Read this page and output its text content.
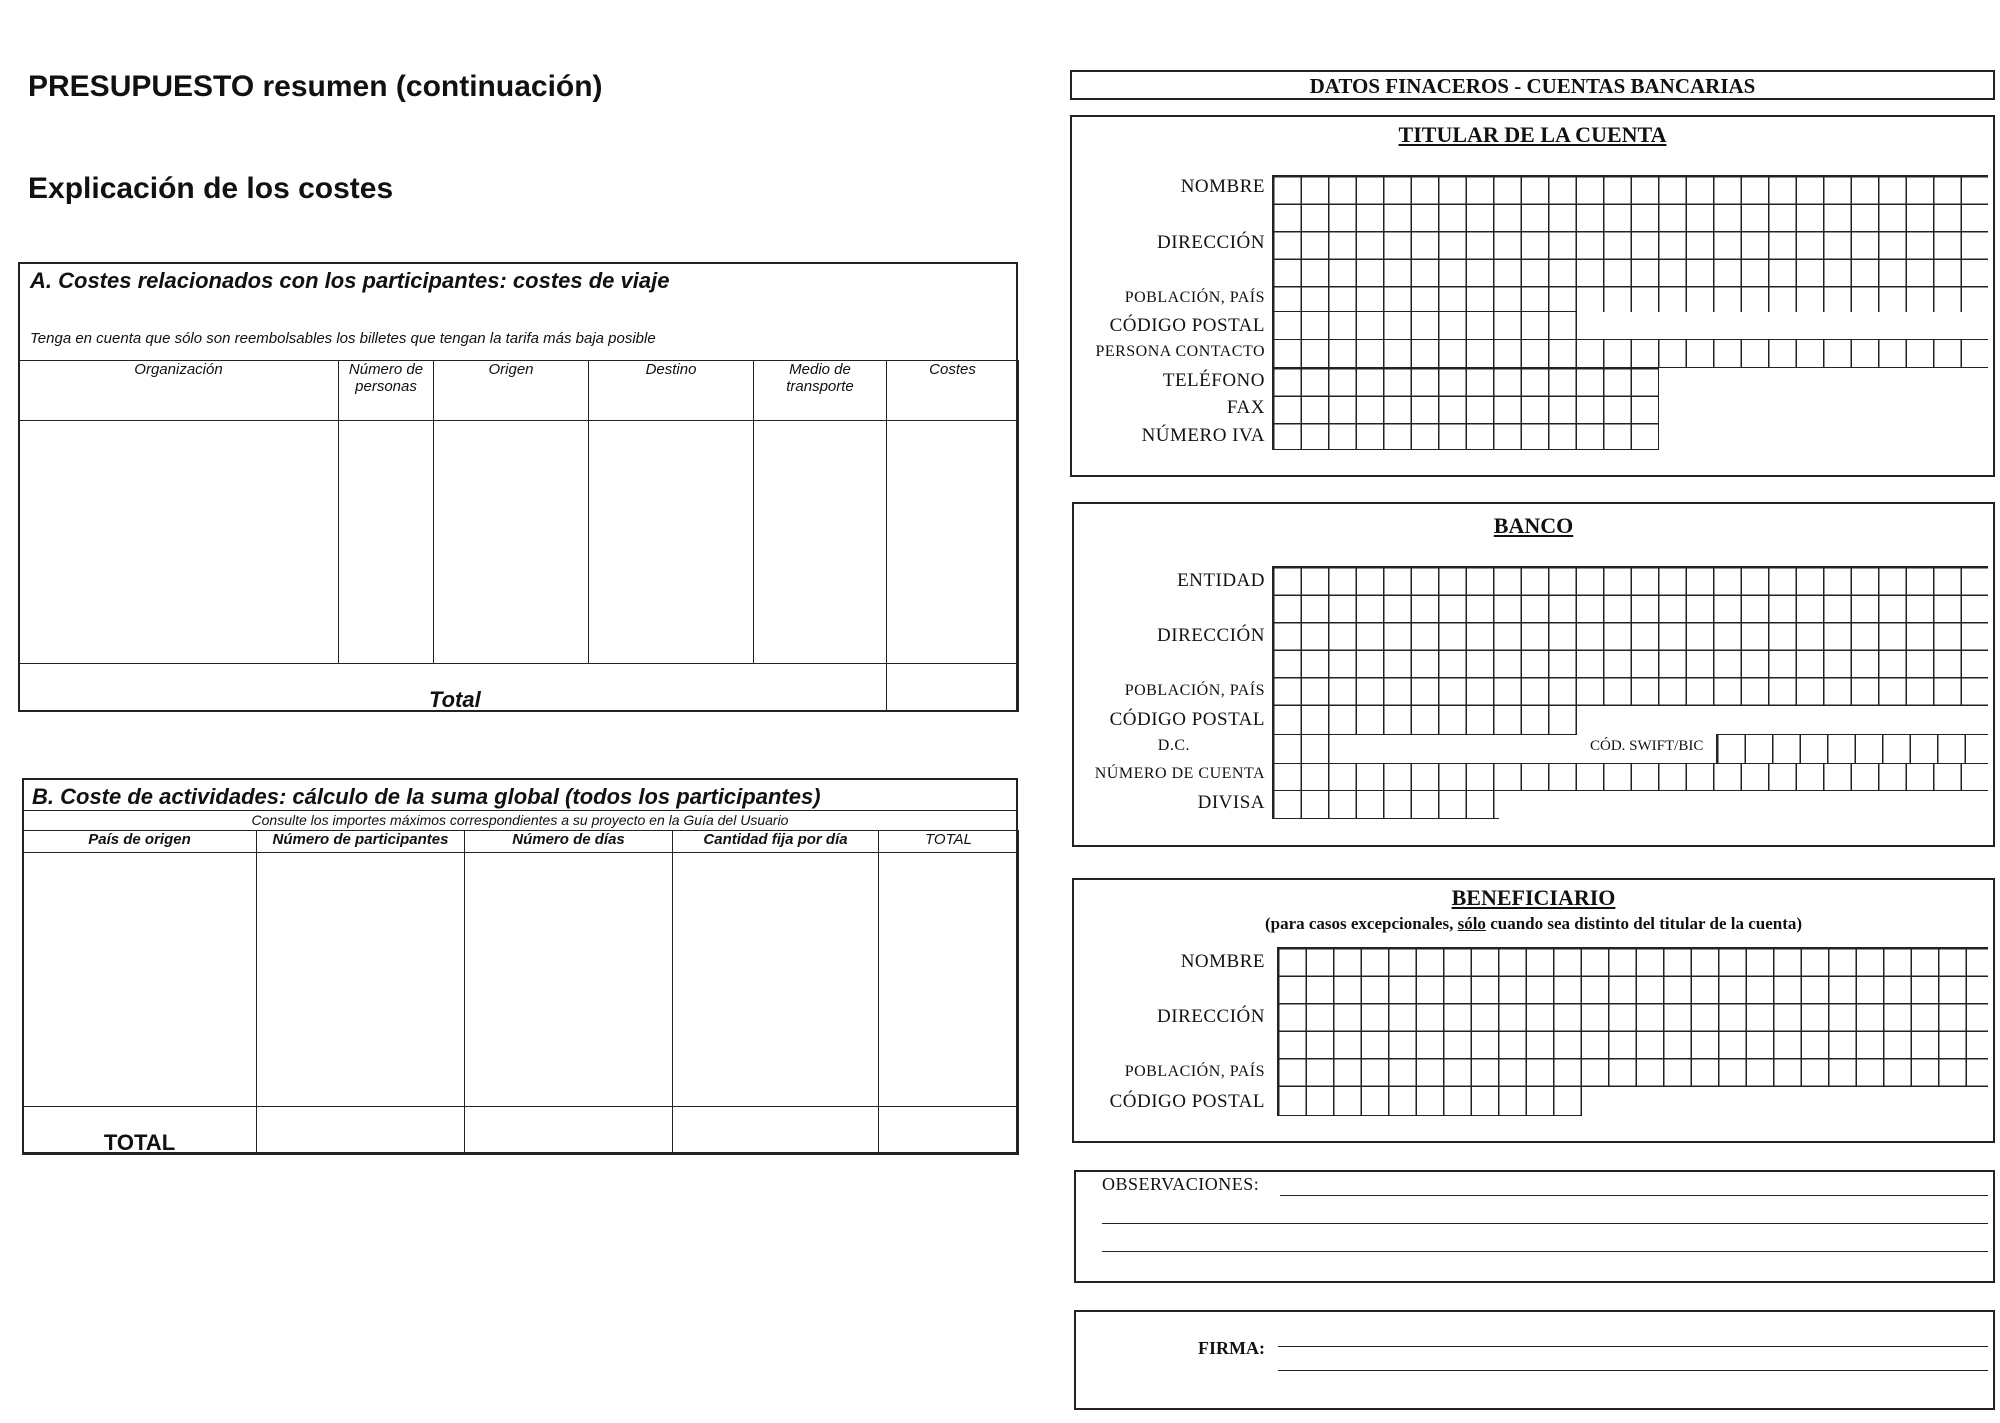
PRESUPUESTO resumen (continuación)
Explicación de los costes
A. Costes relacionados con los participantes: costes de viaje
Tenga en cuenta que sólo son reembolsables los billetes que tengan la tarifa más baja posible
Organización	Número de personas	Origen	Destino	Medio de transporte	Costes

Total					
B. Coste de actividades: cálculo de la suma global (todos los participantes)
Consulte los importes máximos correspondientes a su proyecto en la Guía del Usuario
País de origen	Número de participantes	Número de días	Cantidad fija por día	TOTAL

TOTAL				
DATOS FINACEROS - CUENTAS BANCARIAS
TITULAR DE LA CUENTA
NOMBRE
DIRECCIÓN
POBLACIÓN, PAÍS
CÓDIGO POSTAL
PERSONA CONTACTO
TELÉFONO
FAX
NÚMERO IVA
BANCO
ENTIDAD
DIRECCIÓN
POBLACIÓN, PAÍS
CÓDIGO POSTAL
D.C.
NÚMERO DE CUENTA
DIVISA
CÓD. SWIFT/BIC
BENEFICIARIO
(para casos excepcionales, sólo cuando sea distinto del titular de la cuenta)
NOMBRE
DIRECCIÓN
POBLACIÓN, PAÍS
CÓDIGO POSTAL
OBSERVACIONES:
FIRMA:
